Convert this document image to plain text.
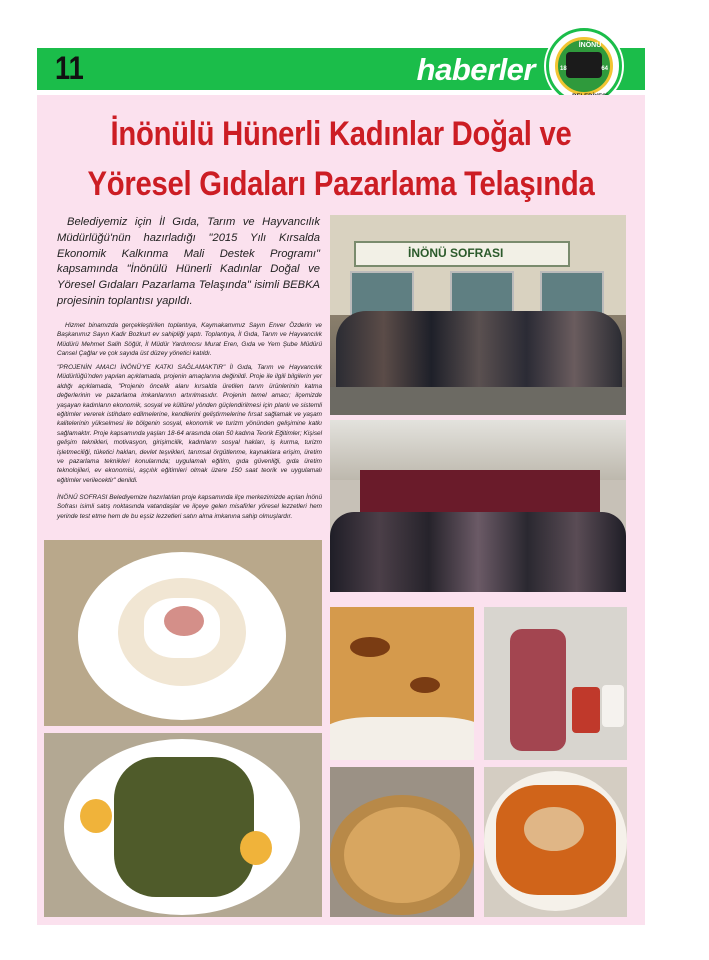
11	haberler
İNÖNÜ
18	64
İnönülü Hünerli Kadınlar Doğal ve
Yöresel Gıdaları Pazarlama Telaşında
Belediyemiz için İl Gıda, Tarım ve Hayvancılık Müdürlüğü'nün hazırladığı "2015 Yılı Kırsalda Ekonomik Kalkınma Mali Destek Programı" kapsamında "İnönülü Hünerli Kadınlar Doğal ve Yöresel Gıdaları Pazarlama Telaşında" isimli BEBKA projesinin toplantısı yapıldı.
Hizmet binamızda gerçekleştirilen toplantıya, Kaymakamımız Sayın Enver Özderin ve Başkanımız Sayın Kadir Bozkurt ev sahipliği yaptı. Toplantıya, İl Gıda, Tarım ve Hayvancılık Müdürü Mehmet Salih Söğüt, İl Müdür Yardımcısı Murat Eren, Gıda ve Yem Şube Müdürü Cansel Çağlar ve çok sayıda üst düzey yönetici katıldı.
"PROJENİN AMACI İNÖNÜ'YE KATKI SAĞLAMAKTIR" İl Gıda, Tarım ve Hayvancılık Müdürlüğü'nden yapılan açıklamada, projenin amaçlarına değinildi. Proje ile ilgili bilgilerin yer aldığı açıklamada, "Projenin öncelik alanı kırsalda üretilen tarım ürünlerinin katma değerlerinin ve pazarlama imkanlarının artırılmasıdır. Projenin temel amacı; ilçemizde yaşayan kadınların ekonomik, sosyal ve kültürel yönden güçlendirilmesi için planlı ve sistemli eğitimler vererek istihdam edilmelerine, kendilerini geliştirmelerine fırsat sağlamak ve yaşam kalitelerinin yükselmesi ile bölgenin sosyal, ekonomik ve turizm yönünden gelişimine katkı sağlamaktır. Proje kapsamında yaşları 18-64 arasında olan 50 kadına Teorik Eğitimler; Kişisel gelişim teknikleri, motivasyon, girişimcilik, kadınların sosyal hakları, iş kurma, turizm işletmeciliği, tüketici hakları, devlet teşvikleri, tarımsal örgütlenme, kaynaklara erişim, üretim ve pazarlama teknikleri konularında; uygulamalı eğitim, gıda güvenliği, gıda üretim teknolojileri, ev ekonomisi, aşçılık eğitimleri olmak üzere 150 saat teorik ve uygulamalı eğitimler verilecektir" denildi.
İNÖNÜ SOFRASI Belediyemize hazırlatılan proje kapsamında ilçe merkezimizde açılan İnönü Sofrası isimli satış noktasında vatandaşlar ve ilçeye gelen misafirler yöresel lezzetleri hem yerinde test etme hem de bu eşsiz lezzetleri satın alma imkanına sahip olmuşlardır.
İNÖNÜ SOFRASI
